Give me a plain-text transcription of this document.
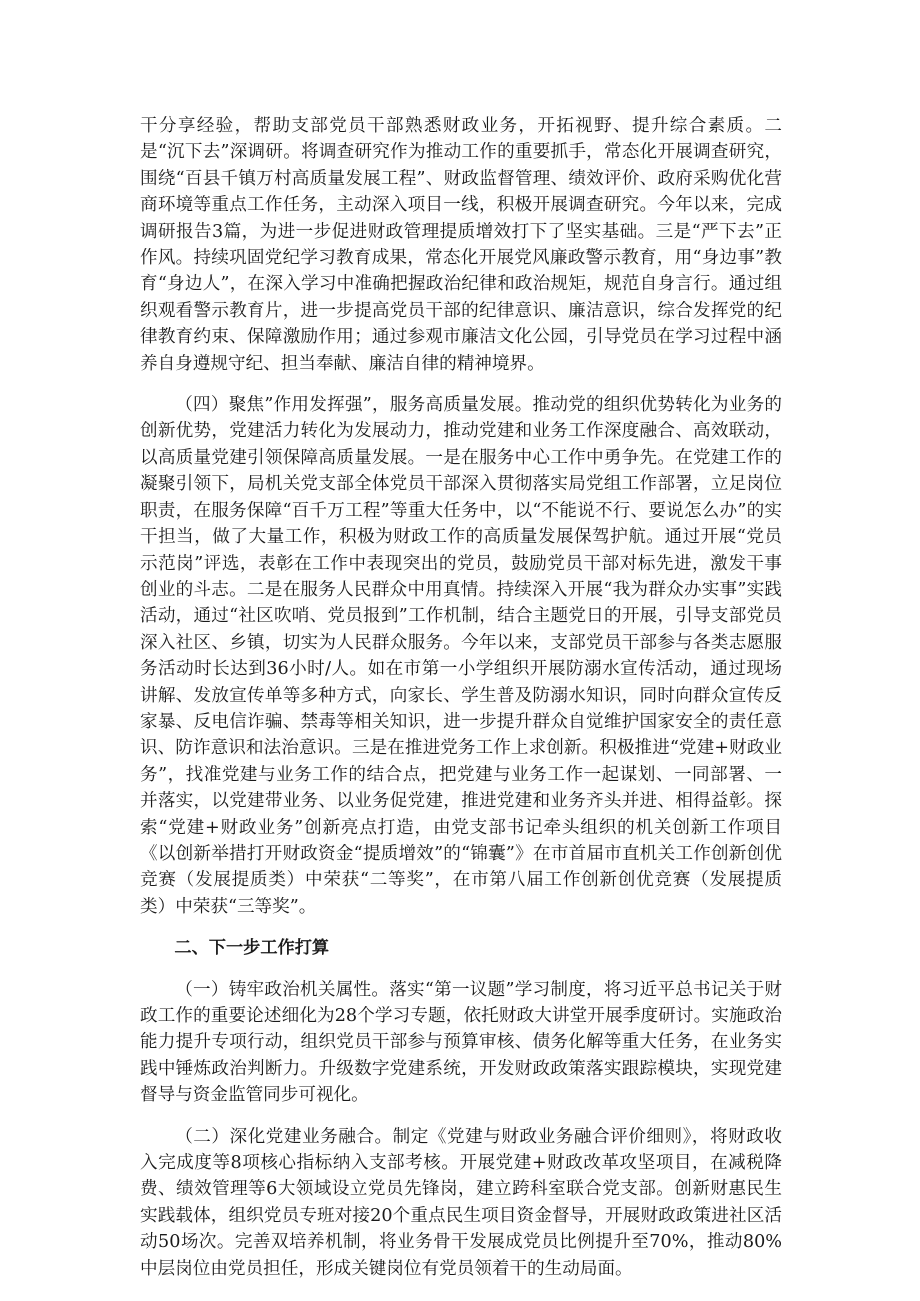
干分享经验，帮助支部党员干部熟悉财政业务，开拓视野、提升综合素质。二是“沉下去”深调研。将调查研究作为推动工作的重要抓手，常态化开展调查研究，围绕“百县千镇万村高质量发展工程”、财政监督管理、绩效评价、政府采购优化营商环境等重点工作任务，主动深入项目一线，积极开展调查研究。今年以来，完成调研报告3篇，为进一步促进财政管理提质增效打下了坚实基础。三是“严下去”正作风。持续巩固党纪学习教育成果，常态化开展党风廉政警示教育，用“身边事”教育“身边人”，在深入学习中准确把握政治纪律和政治规矩，规范自身言行。通过组织观看警示教育片，进一步提高党员干部的纪律意识、廉洁意识，综合发挥党的纪律教育约束、保障激励作用；通过参观市廉洁文化公园，引导党员在学习过程中涵养自身遵规守纪、担当奉献、廉洁自律的精神境界。

（四）聚焦”作用发挥强”，服务高质量发展。推动党的组织优势转化为业务的创新优势，党建活力转化为发展动力，推动党建和业务工作深度融合、高效联动，以高质量党建引领保障高质量发展。一是在服务中心工作中勇争先。在党建工作的凝聚引领下，局机关党支部全体党员干部深入贯彻落实局党组工作部署，立足岗位职责，在服务保障“百千万工程”等重大任务中，以“不能说不行、要说怎么办”的实干担当，做了大量工作，积极为财政工作的高质量发展保驾护航。通过开展“党员示范岗”评选，表彰在工作中表现突出的党员，鼓励党员干部对标先进，激发干事创业的斗志。二是在服务人民群众中用真情。持续深入开展“我为群众办实事”实践活动，通过“社区吹哨、党员报到”工作机制，结合主题党日的开展，引导支部党员深入社区、乡镇，切实为人民群众服务。今年以来，支部党员干部参与各类志愿服务活动时长达到36小时/人。如在市第一小学组织开展防溺水宣传活动，通过现场讲解、发放宣传单等多种方式，向家长、学生普及防溺水知识，同时向群众宣传反家暴、反电信诈骗、禁毒等相关知识，进一步提升群众自觉维护国家安全的责任意识、防诈意识和法治意识。三是在推进党务工作上求创新。积极推进“党建+财政业务”，找准党建与业务工作的结合点，把党建与业务工作一起谋划、一同部署、一并落实，以党建带业务、以业务促党建，推进党建和业务齐头并进、相得益彰。探索“党建+财政业务”创新亮点打造，由党支部书记牵头组织的机关创新工作项目《以创新举措打开财政资金“提质增效”的“锦囊”》在市首届市直机关工作创新创优竞赛（发展提质类）中荣获“二等奖”，在市第八届工作创新创优竞赛（发展提质类）中荣获“三等奖”。

二、下一步工作打算

（一）铸牢政治机关属性。落实“第一议题”学习制度，将习近平总书记关于财政工作的重要论述细化为28个学习专题，依托财政大讲堂开展季度研讨。实施政治能力提升专项行动，组织党员干部参与预算审核、债务化解等重大任务，在业务实践中锤炼政治判断力。升级数字党建系统，开发财政政策落实跟踪模块，实现党建督导与资金监管同步可视化。

（二）深化党建业务融合。制定《党建与财政业务融合评价细则》，将财政收入完成度等8项核心指标纳入支部考核。开展党建+财政改革攻坚项目，在减税降费、绩效管理等6大领域设立党员先锋岗，建立跨科室联合党支部。创新财惠民生实践载体，组织党员专班对接20个重点民生项目资金督导，开展财政政策进社区活动50场次。完善双培养机制，将业务骨干发展成党员比例提升至70%，推动80%中层岗位由党员担任，形成关键岗位有党员领着干的生动局面。
